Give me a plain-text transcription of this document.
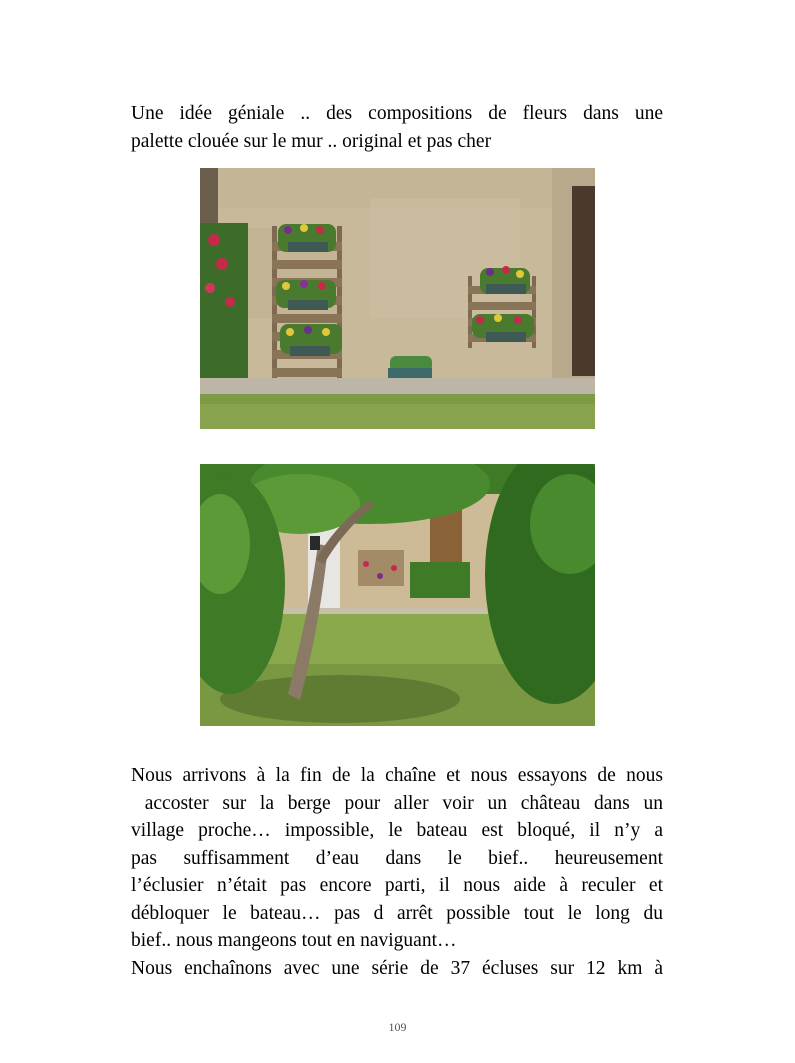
Une idée géniale .. des compositions de fleurs dans une
palette clouée sur le mur .. original et pas cher
Nous arrivons à la fin de la chaîne et nous essayons de nous
accoster sur la berge pour aller voir un château dans un
village proche… impossible, le bateau est bloqué, il n’y a
pas suffisamment d’eau dans le bief.. heureusement
l’éclusier n’était pas encore parti, il nous aide à reculer et
débloquer le bateau… pas d arrêt possible tout le long du
bief.. nous mangeons tout en naviguant…
Nous enchaînons avec une série de 37 écluses sur 12 km à
109
